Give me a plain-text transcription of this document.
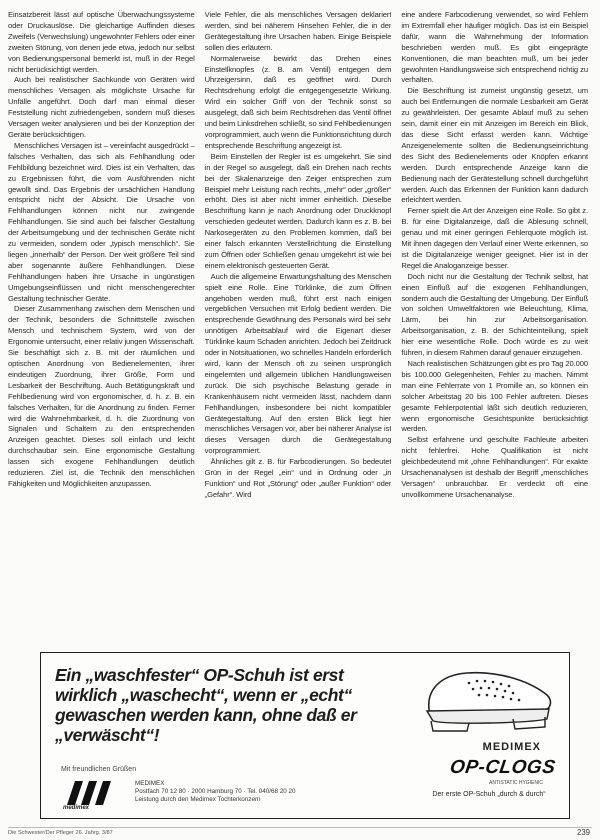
Einsatzbereit lässt auf optische Überwachungssysteme oder Druckauslöse. Die gleichartige Auffinden dieses Zweifels (Verwechslung) ungewohnter Fehlers oder einer zweiten Störung, von denen jede etwa, jedoch nur selbst von Bedienungspersonal bemerkt ist, muß in der Regel nicht berücksichtigt werden.

Auch bei realistischer Sachkunde von Geräten wird menschliches Versagen als möglichste Ursache für Unfälle angeführt. Doch darf man einmal dieser Feststellung nicht zufriedengeben, sondern muß dieses Versagen weiter analysieren und bei der Konzeption der Geräte berücksichtigen.

Menschliches Versagen ist – vereinfacht ausgedrückt – falsches Verhalten, das sich als Fehlhandlung oder Fehlbildung bezeichnet wird. Dies ist ein Verhalten, das zu Ergebnissen führt, die vom Ausführenden nicht gewollt sind. Das Ergebnis der ursächlichen Handlung entspricht nicht der Absicht. Die Ursache von Fehlhandlungen können nicht nur zwingende Fehlhandlungen. Sie sind auch bei falscher Gestaltung der Arbeitsumgebung und der technischen Geräte nicht zu vermeiden, sondern oder „typisch menschlich“. Sie liegen „innerhalb“ der Person. Der weit größere Teil sind aber sogenannte äußere Fehlhandlungen. Diese Fehlhandlungen haben ihre Ursache in ungünstigen Umgebungseinflüssen und nicht menschengerechter Gestaltung technischer Geräte.

Dieser Zusammenhang zwischen dem Menschen und der Technik, besonders die Schnittstelle zwischen Mensch und technischem System, wird von der Ergonomie untersucht, einer relativ jungen Wissenschaft. Sie beschäftigt sich z. B. mit der räumlichen und optischen Anordnung von Bedienelementen, ihrer eindeutigen Zuordnung, ihrer Größe, Form und Lesbarkeit der Beschriftung. Auch Betätigungskraft und Fehlbedienung wird von ergonomischer, d. h. z. B. ein falsches Verhalten, für die Anordnung zu finden. Ferner wird die Wahrnehmbarkeit, d. h. die Zuordnung von Signalen und Schaltern zu den entsprechenden Anzeigen geachtet. Dieses soll einfach und leicht durchschaubar sein. Eine ergonomische Gestaltung lassen sich exogene Fehlhandlungen deutlich reduzieren. Ziel ist, die Technik den menschlichen Fähigkeiten und Möglichkeiten anzupassen.

Viele Fehler, die als menschliches Versagen deklariert werden, sind bei näherem Hinsehen Fehler, die in der Gerätegestaltung ihre Ursachen haben. Einige Beispiele sollen dies erläutern.

Normalerweise bewirkt das Drehen eines Einstellknopfes (z. B. am Ventil) entgegen dem Uhrzeigersinn, daß es geöffnet wird. Durch Rechtsdrehung erfolgt die entgegengesetzte Wirkung. Wird ein solcher Griff von der Technik sonst so ausgelegt, daß sich beim Rechtsdrehen das Ventil öffnet und beim Linksdrehen schließt, so sind Fehlbedienungen vorprogrammiert, auch wenn die Funktionsrichtung durch entsprechende Beschriftung angezeigt ist.

Beim Einstellen der Regler ist es umgekehrt. Sie sind in der Regel so ausgelegt, daß ein Drehen nach rechts bei der Skalenanzeige den Zeiger entsprechen zum Beispiel mehr Leistung nach rechts, „mehr“ oder „größer“ erhöht. Dies ist aber nicht immer einheitlich. Dieselbe Beschriftung kann je nach Anordnung oder Druckknopf verschieden gedeutet werden. Dadurch kann es z. B. bei Narkosegeräten zu den Problemen kommen, daß bei einer falsch erkannten Verstellrichtung die Einstellung zum Öffnen oder Schließen genau umgekehrt ist wie bei einem elektronisch gesteuerten Gerät.

Auch die allgemeine Erwartungshaltung des Menschen spielt eine Rolle. Eine Türklinke, die zum Öffnen angehoben werden muß, führt erst nach einigen vergeblichen Versuchen mit Erfolg bedient werden. Die entsprechende Gewöhnung des Personals wird bei sehr unnötigen Arbeitsablauf wird die Eigenart dieser Türklinke kaum Schaden anrichten. Jedoch bei Zeitdruck oder in Notsituationen, wo schnelles Handeln erforderlich wird, kann der Mensch oft zu seinen ursprünglich eingelernten und allgemein üblichen Handlungsweisen zurück. Die sich psychische Belastung gerade in Krankenhäusern nicht vermeiden lässt, nachdem dann Fehlhandlungen, insbesondere bei nicht kompatibler Gerätegestaltung. Auf den ersten Blick liegt hier menschliches Versagen vor, aber bei näherer Analyse ist dieses Versagen durch die Gerätegestaltung vorprogrammiert.

Ähnliches gilt z. B. für Farbcodierungen. So bedeutet Grün in der Regel „ein“ und in Ordnung oder „in Funktion“ und Rot „Störung“ oder „außer Funktion“ oder „Gefahr“. Wird

eine andere Farbcodierung verwendet, so wird Fehlern im Extremfall eher häufiger möglich. Das ist ein Beispiel dafür, wann die Wahrnehmung der Information beschrieben werden muß. Es gibt eingeprägte Konventionen, die man beachten muß, um bei jeder gewohnten Handlungsweise sich entsprechend richtig zu verhalten.

Die Beschriftung ist zumeist ungünstig gesetzt, um auch bei Entfernungen die normale Lesbarkeit am Gerät zu gewährleisten. Der gesamte Ablauf muß zu sehen sein, damit einer ein mit Anzeigen im Bereich ein Blick, das diese Sicht erfasst werden kann. Wichtige Anzeigenelemente sollten die Bedienungseinrichtung des Sicht des Bedienelements oder Knöpfen erkannt werden. Durch entsprechende Anzeige kann die Bedienung nach der Gerätestellung schnell durchgeführt werden. Auch das Erkennen der Funktion kann dadurch erleichtert werden.

Ferner spielt die Art der Anzeigen eine Rolle. So gibt z. B. für eine Digitalanzeige, daß die Ablesung schnell, genau und mit einer geringen Fehlerquote möglich ist. Mit ihnen dagegen den Verlauf einer Werte erkennen, so ist die Digitalanzeige weniger geeignet. Hier ist in der Regel die Analoganzeige besser.

Doch nicht nur die Gestaltung der Technik selbst, hat einen Einfluß auf die exogenen Fehlhandlungen, sondern auch die Gestaltung der Umgebung. Der Einfluß von solchen Umweltfaktoren wie Beleuchtung, Klima, Lärm, bei hin zur Arbeitsorganisation. Arbeitsorganisation, z. B. der Schichteinteilung, spielt hier eine wesentliche Rolle. Doch würde es zu weit führen, in diesem Rahmen darauf genauer einzugehen.

Nach realistischen Schätzungen gibt es pro Tag 20.000 bis 100.000 Gelegenheiten, Fehler zu machen. Nimmt man eine Fehlerrate von 1 Promille an, so können ein solcher Arbeitstag 20 bis 100 Fehler auftreten. Dieses gesamte Fehlerpotential läßt sich deutlich reduzieren, wenn ergonomische Gesichtspunkte berücksichtigt werden.

Selbst erfahrene und geschulte Fachleute arbeiten nicht fehlerfrei. Hohe Qualifikation ist nicht gleichbedeutend mit „ohne Fehlhandlungen“. Für exakte Ursachenanalysen ist deshalb der Begriff „menschliches Versagen“ unbrauchbar. Er verdeckt oft eine unvollkommene Ursachenanalyse.

Ein „waschfester“ OP-Schuh ist erst wirklich „waschecht“, wenn er „echt“ gewaschen werden kann, ohne daß er „verwäscht“!
MEDIMEX
OP-CLOGS
ANTISTATIC HYGIENIC
Der erste OP-Schuh „durch & durch“
Mit freundlichen Grüßen
medimex
MEDIMEX
Postfach 70 12 80 · 2000 Hamburg 70 · Tel. 040/68 20 20
Leistung durch den Medimex Tochterkonzern
Die Schwester/Der Pfleger 26. Jahrg. 3/87	239
